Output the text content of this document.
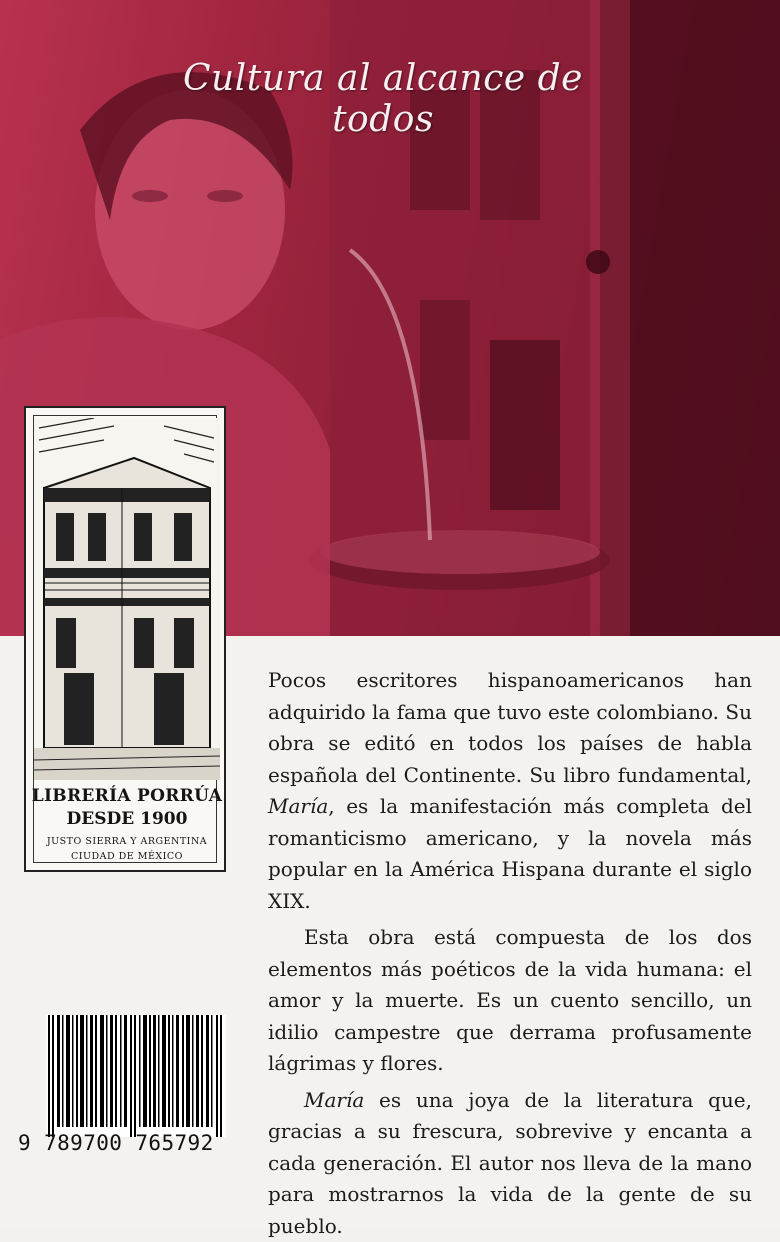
Cultura al alcance de todos
LIBRERÍA PORRÚA
DESDE 1900
JUSTO SIERRA Y ARGENTINA
CIUDAD DE MÉXICO

Pocos escritores hispanoamericanos han adquirido la fama que tuvo este colombiano. Su obra se editó en todos los países de habla española del Continente. Su libro fundamental, María, es la manifestación más completa del romanticismo americano, y la novela más popular en la América Hispana durante el siglo XIX.

Esta obra está compuesta de los dos elementos más poéticos de la vida humana: el amor y la muerte. Es un cuento sencillo, un idilio campestre que derrama profusamente lágrimas y flores.

María es una joya de la literatura que, gracias a su frescura, sobrevive y encanta a cada generación. El autor nos lleva de la mano para mostrarnos la vida de la gente de su pueblo.

9 789700 765792
